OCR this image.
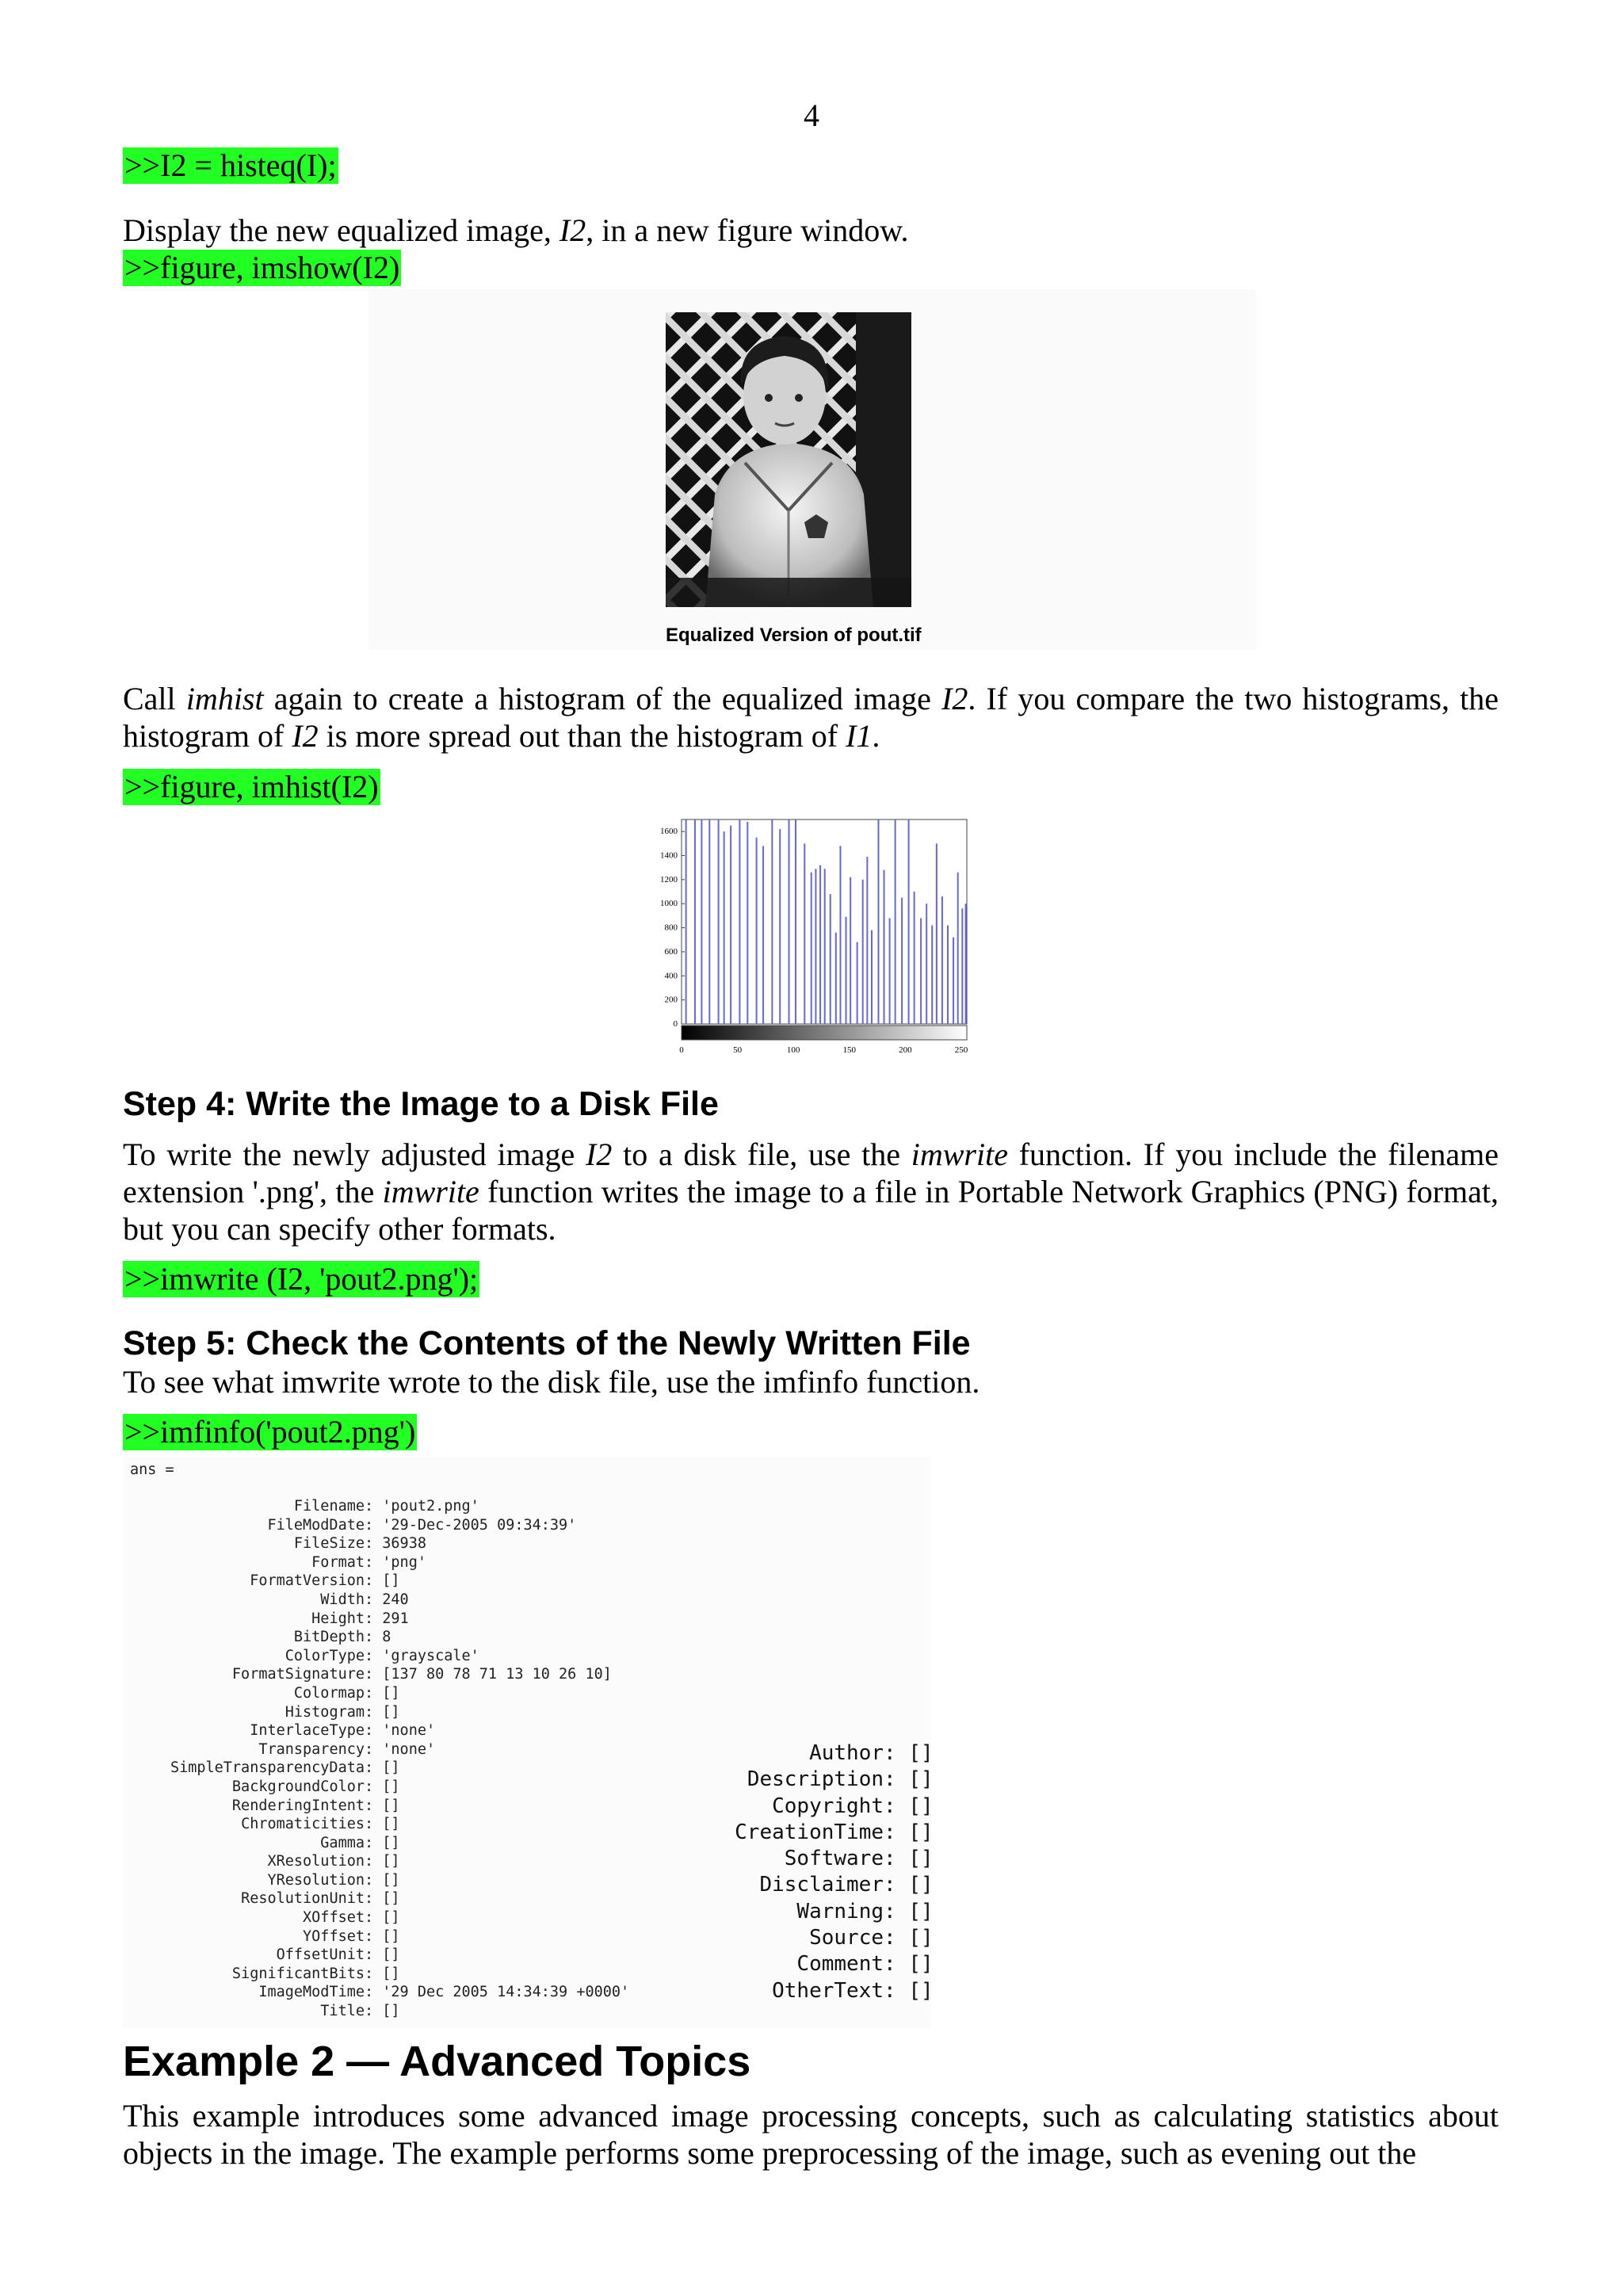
4
>>I2 = histeq(I);
Display the new equalized image, I2, in a new figure window.
>>figure, imshow(I2)
Equalized Version of pout.tif
Call imhist again to create a histogram of the equalized image I2. If you compare the two histograms, the histogram of I2 is more spread out than the histogram of I1.
>>figure, imhist(I2)
0
200
400
600
800
1000
1200
1400
1600
0	50	100	150	200	250
Step 4: Write the Image to a Disk File
To write the newly adjusted image I2 to a disk file, use the imwrite function. If you include the filename extension '.png', the imwrite function writes the image to a file in Portable Network Graphics (PNG) format, but you can specify other formats.
>>imwrite (I2, 'pout2.png');
Step 5: Check the Contents of the Newly Written File
To see what imwrite wrote to the disk file, use the imfinfo function.
>>imfinfo('pout2.png')
ans =
Filename : 'pout2.png'
FileModDate : '29-Dec-2005 09:34:39'
FileSize : 36938
Format : 'png'
FormatVersion : []
Width : 240
Height : 291
BitDepth : 8
ColorType : 'grayscale'
FormatSignature : [137 80 78 71 13 10 26 10]
Colormap : []
Histogram : []
InterlaceType : 'none'
Transparency : 'none'
SimpleTransparencyData : []
BackgroundColor : []
RenderingIntent : []
Chromaticities : []
Gamma : []
XResolution : []
YResolution : []
ResolutionUnit : []
XOffset : []
YOffset : []
OffsetUnit : []
SignificantBits : []
ImageModTime : '29 Dec 2005 14:34:39 +0000'
Title : []
Author : []
Description : []
Copyright : []
CreationTime : []
Software : []
Disclaimer : []
Warning : []
Source : []
Comment : []
OtherText : []
Example 2 — Advanced Topics
This example introduces some advanced image processing concepts, such as calculating statistics about objects in the image. The example performs some preprocessing of the image, such as evening out the
